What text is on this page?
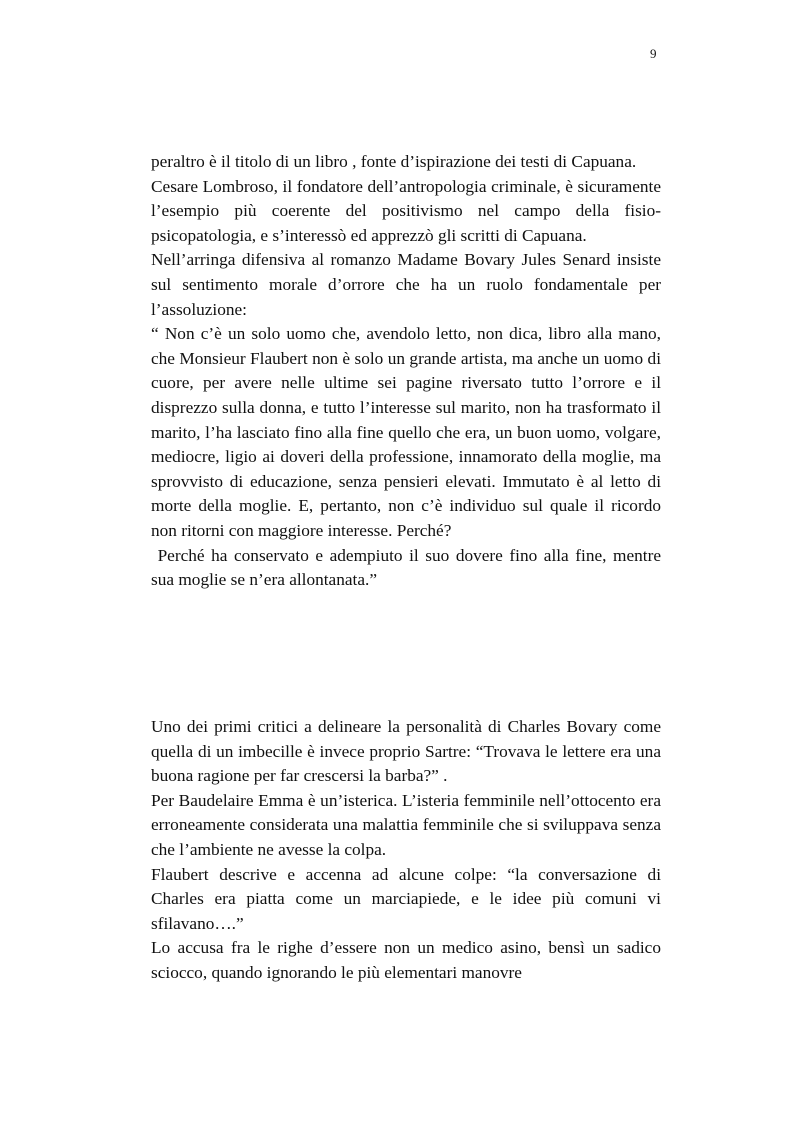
9

peraltro è il titolo di un libro , fonte d’ispirazione dei testi di Capuana.

Cesare Lombroso, il fondatore dell’antropologia criminale, è sicuramente l’esempio più coerente del positivismo nel campo della fisio-psicopatologia, e s’interessò ed apprezzò gli scritti di Capuana.

Nell’arringa difensiva al romanzo Madame Bovary Jules Senard insiste sul sentimento morale d’orrore che ha un ruolo fondamentale per l’assoluzione:

“ Non c’è un solo uomo che, avendolo letto, non dica, libro alla mano, che Monsieur Flaubert non è solo un grande artista, ma anche un uomo di cuore, per avere nelle ultime sei pagine riversato tutto l’orrore e il disprezzo sulla donna, e tutto l’interesse sul marito, non ha trasformato il marito, l’ha lasciato fino alla fine quello che era, un buon uomo, volgare, mediocre, ligio ai doveri della professione, innamorato della moglie, ma sprovvisto di educazione, senza pensieri elevati. Immutato è al letto di morte della moglie. E, pertanto, non c’è individuo sul quale il ricordo non ritorni con maggiore interesse. Perché?

Perché ha conservato e adempiuto il suo dovere fino alla fine, mentre sua moglie se n’era allontanata.”

Uno dei primi critici a delineare la personalità di Charles Bovary come quella di un imbecille è invece proprio Sartre: “Trovava le lettere era una buona ragione per far crescersi la barba?” .

Per Baudelaire Emma è un’isterica. L’isteria femminile nell’ottocento era erroneamente considerata una malattia femminile che si sviluppava senza che l’ambiente ne avesse la colpa.

Flaubert descrive e accenna ad alcune colpe: “la conversazione di Charles era piatta come un marciapiede, e le idee più comuni vi sfilavano….”

Lo accusa fra le righe d’essere non un medico asino, bensì un sadico sciocco, quando ignorando le più elementari manovre
